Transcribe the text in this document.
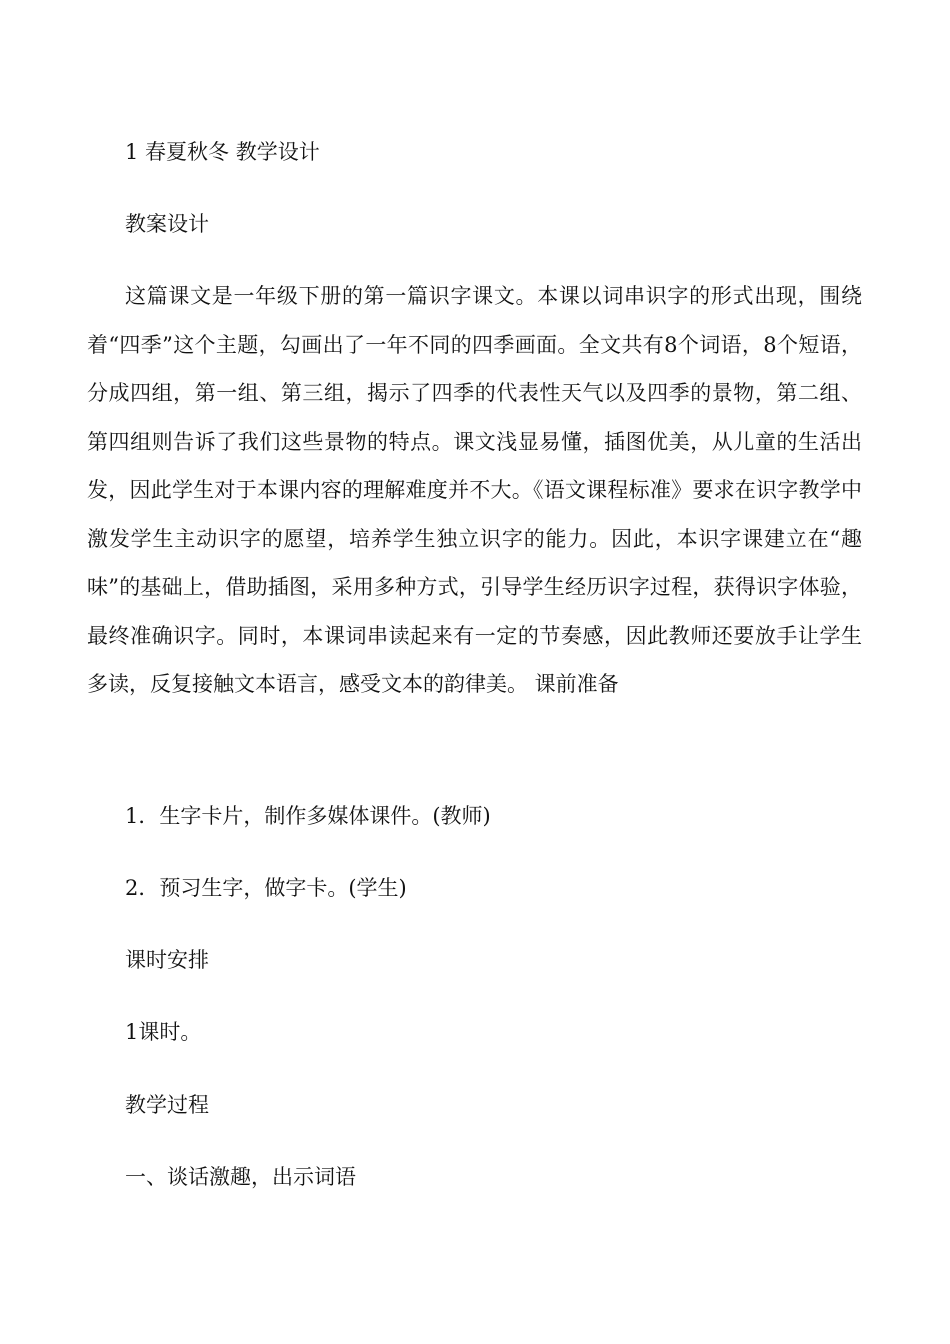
1 春夏秋冬 教学设计
教案设计

这篇课文是一年级下册的第一篇识字课文。本课以词串识字的形式出现，围绕着“四季”这个主题，勾画出了一年不同的四季画面。全文共有8个词语，8个短语，分成四组，第一组、第三组，揭示了四季的代表性天气以及四季的景物，第二组、第四组则告诉了我们这些景物的特点。课文浅显易懂，插图优美，从儿童的生活出发，因此学生对于本课内容的理解难度并不大。《语文课程标准》要求在识字教学中激发学生主动识字的愿望，培养学生独立识字的能力。因此，本识字课建立在“趣味”的基础上，借助插图，采用多种方式，引导学生经历识字过程，获得识字体验，最终准确识字。同时，本课词串读起来有一定的节奏感，因此教师还要放手让学生多读，反复接触文本语言，感受文本的韵律美。 课前准备

1．生字卡片，制作多媒体课件。(教师)
2．预习生字，做字卡。(学生)
课时安排
1课时。
教学过程
一、谈话激趣，出示词语
